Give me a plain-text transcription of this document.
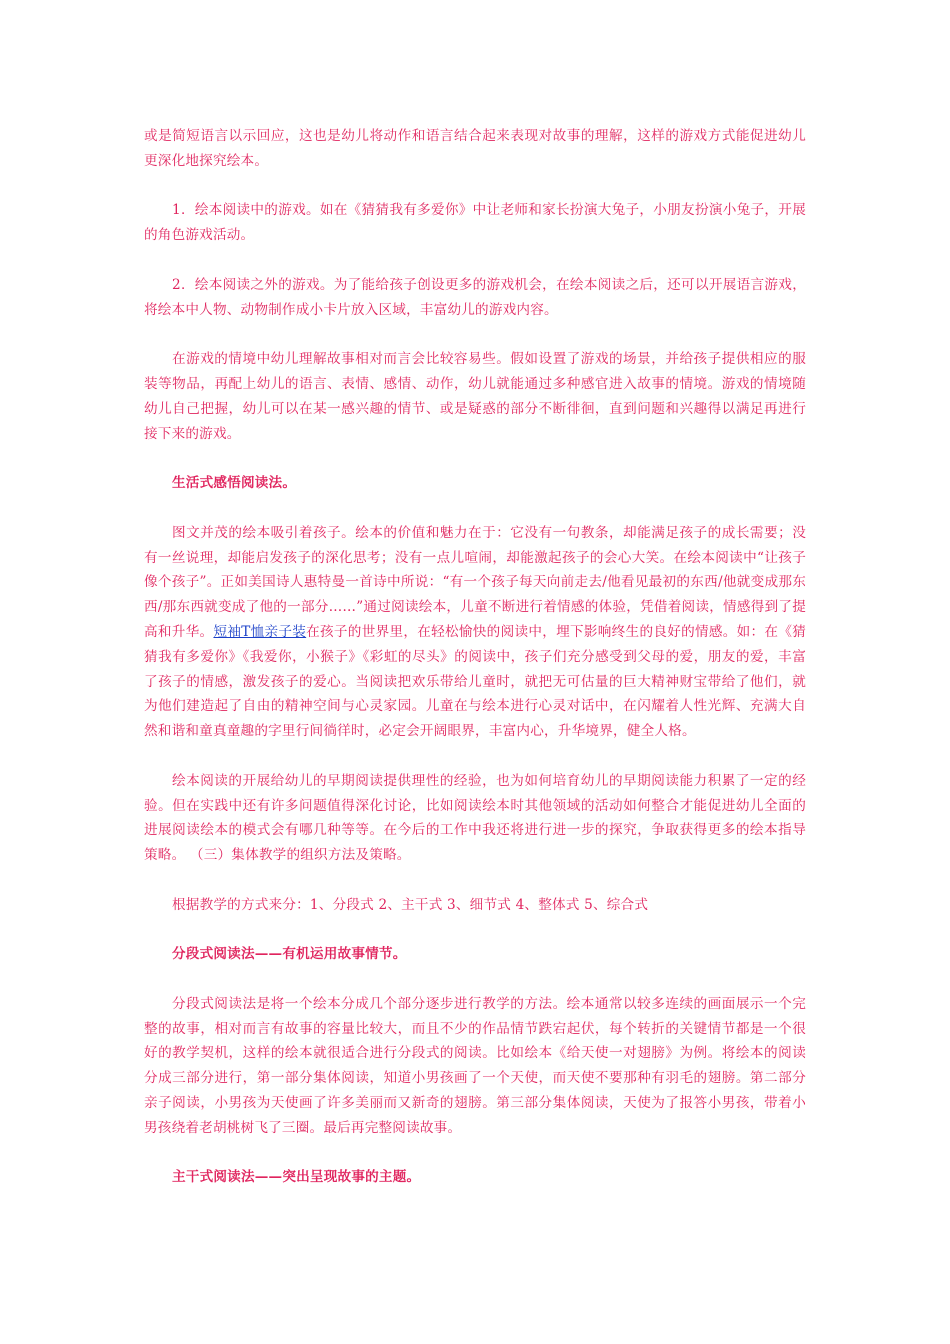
或是简短语言以示回应，这也是幼儿将动作和语言结合起来表现对故事的理解，这样的游戏方式能促进幼儿更深化地探究绘本。

1．绘本阅读中的游戏。如在《猜猜我有多爱你》中让老师和家长扮演大兔子，小朋友扮演小兔子，开展的角色游戏活动。

2．绘本阅读之外的游戏。为了能给孩子创设更多的游戏机会，在绘本阅读之后，还可以开展语言游戏，将绘本中人物、动物制作成小卡片放入区域，丰富幼儿的游戏内容。

在游戏的情境中幼儿理解故事相对而言会比较容易些。假如设置了游戏的场景，并给孩子提供相应的服装等物品，再配上幼儿的语言、表情、感情、动作，幼儿就能通过多种感官进入故事的情境。游戏的情境随幼儿自己把握，幼儿可以在某一感兴趣的情节、或是疑惑的部分不断徘徊，直到问题和兴趣得以满足再进行接下来的游戏。

生活式感悟阅读法。

图文并茂的绘本吸引着孩子。绘本的价值和魅力在于：它没有一句教条，却能满足孩子的成长需要；没有一丝说理，却能启发孩子的深化思考；没有一点儿喧闹，却能激起孩子的会心大笑。在绘本阅读中“让孩子像个孩子”。正如美国诗人惠特曼一首诗中所说：“有一个孩子每天向前走去/他看见最初的东西/他就变成那东西/那东西就变成了他的一部分……”通过阅读绘本，儿童不断进行着情感的体验，凭借着阅读，情感得到了提高和升华。短袖T恤亲子装在孩子的世界里，在轻松愉快的阅读中，埋下影响终生的良好的情感。如：在《猜猜我有多爱你》《我爱你，小猴子》《彩虹的尽头》的阅读中，孩子们充分感受到父母的爱，朋友的爱，丰富了孩子的情感，激发孩子的爱心。当阅读把欢乐带给儿童时，就把无可估量的巨大精神财宝带给了他们，就为他们建造起了自由的精神空间与心灵家园。儿童在与绘本进行心灵对话中，在闪耀着人性光辉、充满大自然和谐和童真童趣的字里行间徜徉时，必定会开阔眼界，丰富内心，升华境界，健全人格。

绘本阅读的开展给幼儿的早期阅读提供理性的经验，也为如何培育幼儿的早期阅读能力积累了一定的经验。但在实践中还有许多问题值得深化讨论，比如阅读绘本时其他领域的活动如何整合才能促进幼儿全面的进展阅读绘本的模式会有哪几种等等。在今后的工作中我还将进行进一步的探究，争取获得更多的绘本指导策略。 （三）集体教学的组织方法及策略。

根据教学的方式来分：1、分段式 2、主干式 3、细节式 4、整体式 5、综合式

分段式阅读法——有机运用故事情节。

分段式阅读法是将一个绘本分成几个部分逐步进行教学的方法。绘本通常以较多连续的画面展示一个完整的故事，相对而言有故事的容量比较大，而且不少的作品情节跌宕起伏，每个转折的关键情节都是一个很好的教学契机，这样的绘本就很适合进行分段式的阅读。比如绘本《给天使一对翅膀》为例。将绘本的阅读分成三部分进行，第一部分集体阅读，知道小男孩画了一个天使，而天使不要那种有羽毛的翅膀。第二部分亲子阅读，小男孩为天使画了许多美丽而又新奇的翅膀。第三部分集体阅读，天使为了报答小男孩，带着小男孩绕着老胡桃树飞了三圈。最后再完整阅读故事。

主干式阅读法——突出呈现故事的主题。
